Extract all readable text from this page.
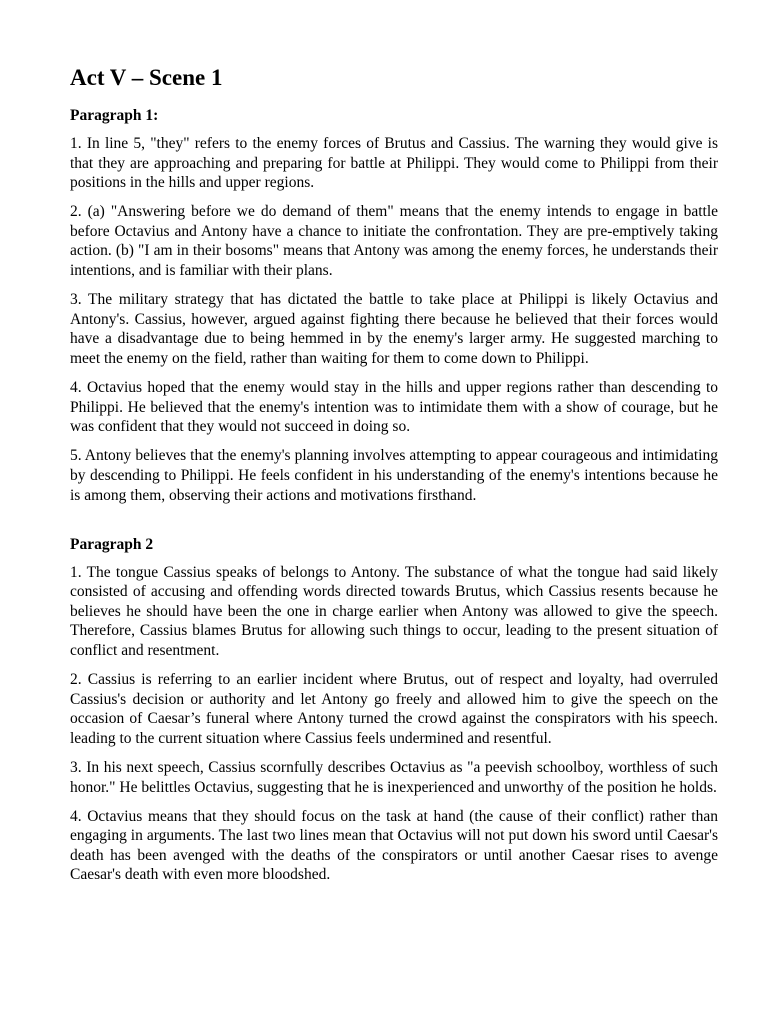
Act V – Scene 1
Paragraph 1:

1. In line 5, "they" refers to the enemy forces of Brutus and Cassius. The warning they would give is that they are approaching and preparing for battle at Philippi. They would come to Philippi from their positions in the hills and upper regions.

2. (a) "Answering before we do demand of them" means that the enemy intends to engage in battle before Octavius and Antony have a chance to initiate the confrontation. They are pre-emptively taking action. (b) "I am in their bosoms" means that Antony was among the enemy forces, he understands their intentions, and is familiar with their plans.

3. The military strategy that has dictated the battle to take place at Philippi is likely Octavius and Antony's. Cassius, however, argued against fighting there because he believed that their forces would have a disadvantage due to being hemmed in by the enemy's larger army. He suggested marching to meet the enemy on the field, rather than waiting for them to come down to Philippi.

4. Octavius hoped that the enemy would stay in the hills and upper regions rather than descending to Philippi. He believed that the enemy's intention was to intimidate them with a show of courage, but he was confident that they would not succeed in doing so.

5. Antony believes that the enemy's planning involves attempting to appear courageous and intimidating by descending to Philippi. He feels confident in his understanding of the enemy's intentions because he is among them, observing their actions and motivations firsthand.

Paragraph 2

1. The tongue Cassius speaks of belongs to Antony. The substance of what the tongue had said likely consisted of accusing and offending words directed towards Brutus, which Cassius resents because he believes he should have been the one in charge earlier when Antony was allowed to give the speech. Therefore, Cassius blames Brutus for allowing such things to occur, leading to the present situation of conflict and resentment.

2. Cassius is referring to an earlier incident where Brutus, out of respect and loyalty, had overruled Cassius's decision or authority and let Antony go freely and allowed him to give the speech on the occasion of Caesar’s funeral where Antony turned the crowd against the conspirators with his speech. leading to the current situation where Cassius feels undermined and resentful.

3. In his next speech, Cassius scornfully describes Octavius as "a peevish schoolboy, worthless of such honor." He belittles Octavius, suggesting that he is inexperienced and unworthy of the position he holds.

4. Octavius means that they should focus on the task at hand (the cause of their conflict) rather than engaging in arguments. The last two lines mean that Octavius will not put down his sword until Caesar's death has been avenged with the deaths of the conspirators or until another Caesar rises to avenge Caesar's death with even more bloodshed.
